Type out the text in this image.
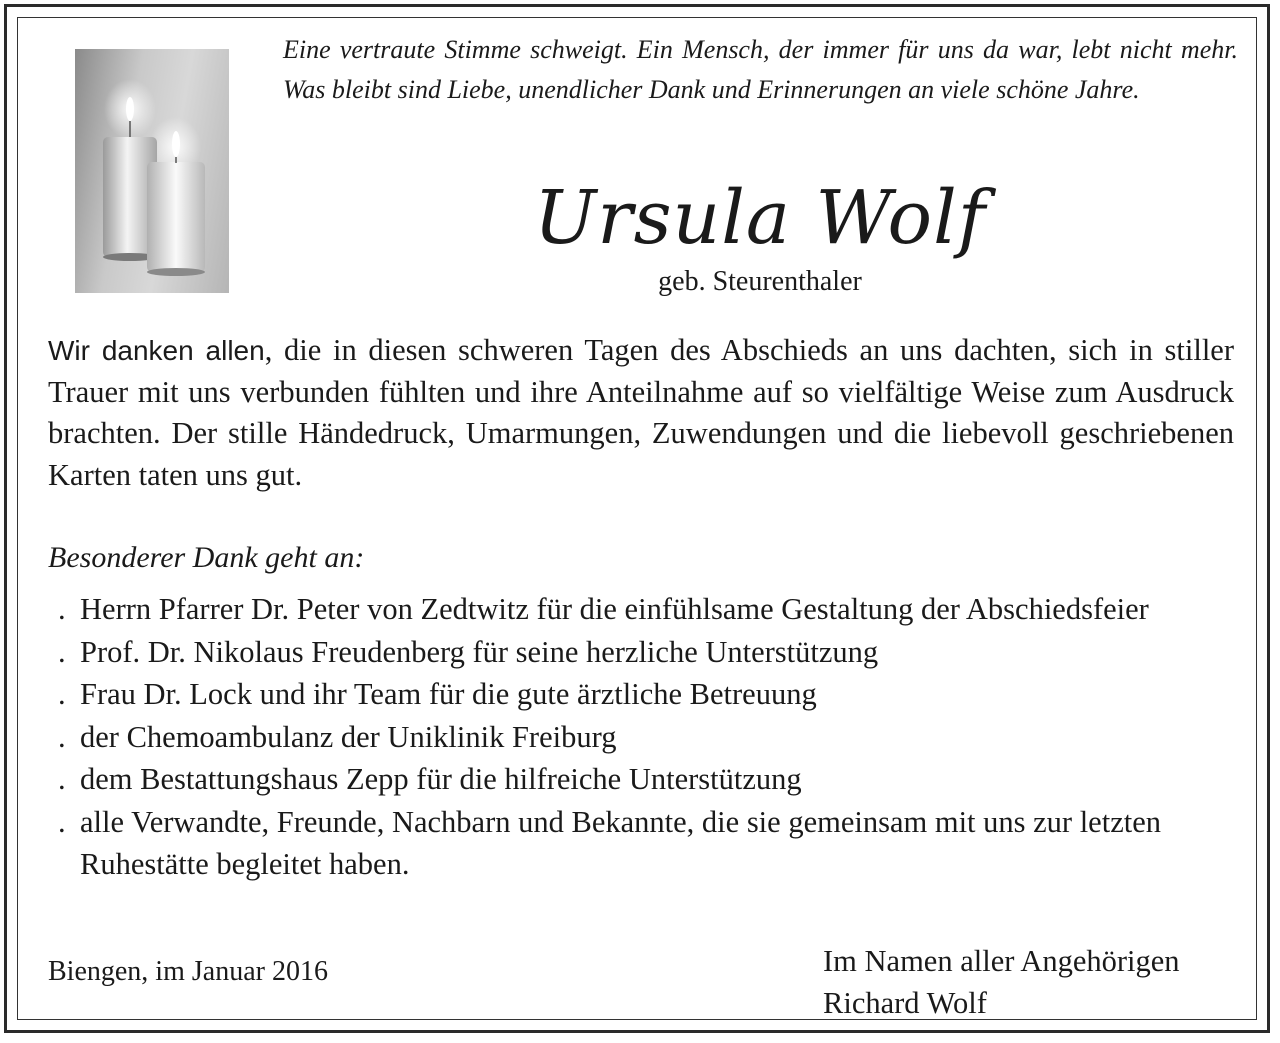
Eine vertraute Stimme schweigt. Ein Mensch, der immer für uns da war, lebt nicht mehr. Was bleibt sind Liebe, unendlicher Dank und Erinnerungen an viele schöne Jahre.
Ursula Wolf
geb. Steurenthaler
Wir danken allen, die in diesen schweren Tagen des Abschieds an uns dachten, sich in stiller Trauer mit uns verbunden fühlten und ihre Anteilnahme auf so vielfältige Weise zum Ausdruck brachten. Der stille Händedruck, Umarmungen, Zuwendungen und die liebevoll geschriebenen Karten taten uns gut.
Besonderer Dank geht an:
. Herrn Pfarrer Dr. Peter von Zedtwitz für die einfühlsame Gestaltung der Abschiedsfeier
. Prof. Dr. Nikolaus Freudenberg für seine herzliche Unterstützung
. Frau Dr. Lock und ihr Team für die gute ärztliche Betreuung
. der Chemoambulanz der Uniklinik Freiburg
. dem Bestattungshaus Zepp für die hilfreiche Unterstützung
. alle Verwandte, Freunde, Nachbarn und Bekannte, die sie gemeinsam mit uns zur letzten Ruhestätte begleitet haben.
Biengen, im Januar 2016	Im Namen aller Angehörigen
Richard Wolf
